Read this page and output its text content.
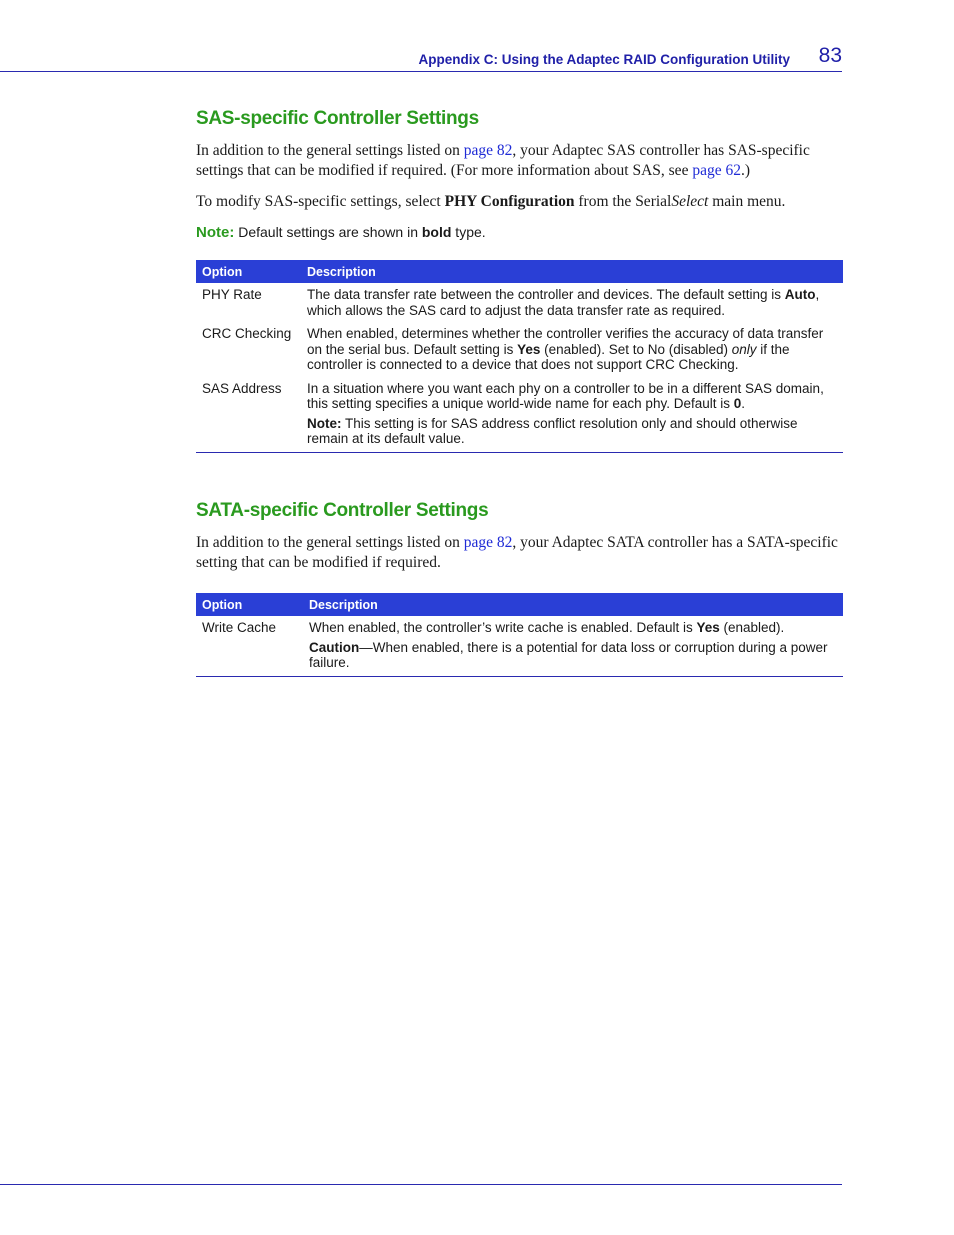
Appendix C: Using the Adaptec RAID Configuration Utility 83
SAS-specific Controller Settings

In addition to the general settings listed on page 82, your Adaptec SAS controller has SAS-specific settings that can be modified if required. (For more information about SAS, see page 62.)

To modify SAS-specific settings, select PHY Configuration from the SerialSelect main menu.

Note: Default settings are shown in bold type.
Option	Description
PHY Rate	The data transfer rate between the controller and devices. The default setting is Auto, which allows the SAS card to adjust the data transfer rate as required.
CRC Checking	When enabled, determines whether the controller verifies the accuracy of data transfer on the serial bus. Default setting is Yes (enabled). Set to No (disabled) only if the controller is connected to a device that does not support CRC Checking.
SAS Address	In a situation where you want each phy on a controller to be in a different SAS domain, this setting specifies a unique world-wide name for each phy. Default is 0.
Note: This setting is for SAS address conflict resolution only and should otherwise remain at its default value.
SATA-specific Controller Settings

In addition to the general settings listed on page 82, your Adaptec SATA controller has a SATA-specific setting that can be modified if required.

Option	Description
Write Cache	When enabled, the controller’s write cache is enabled. Default is Yes (enabled).
Caution—When enabled, there is a potential for data loss or corruption during a power failure.
